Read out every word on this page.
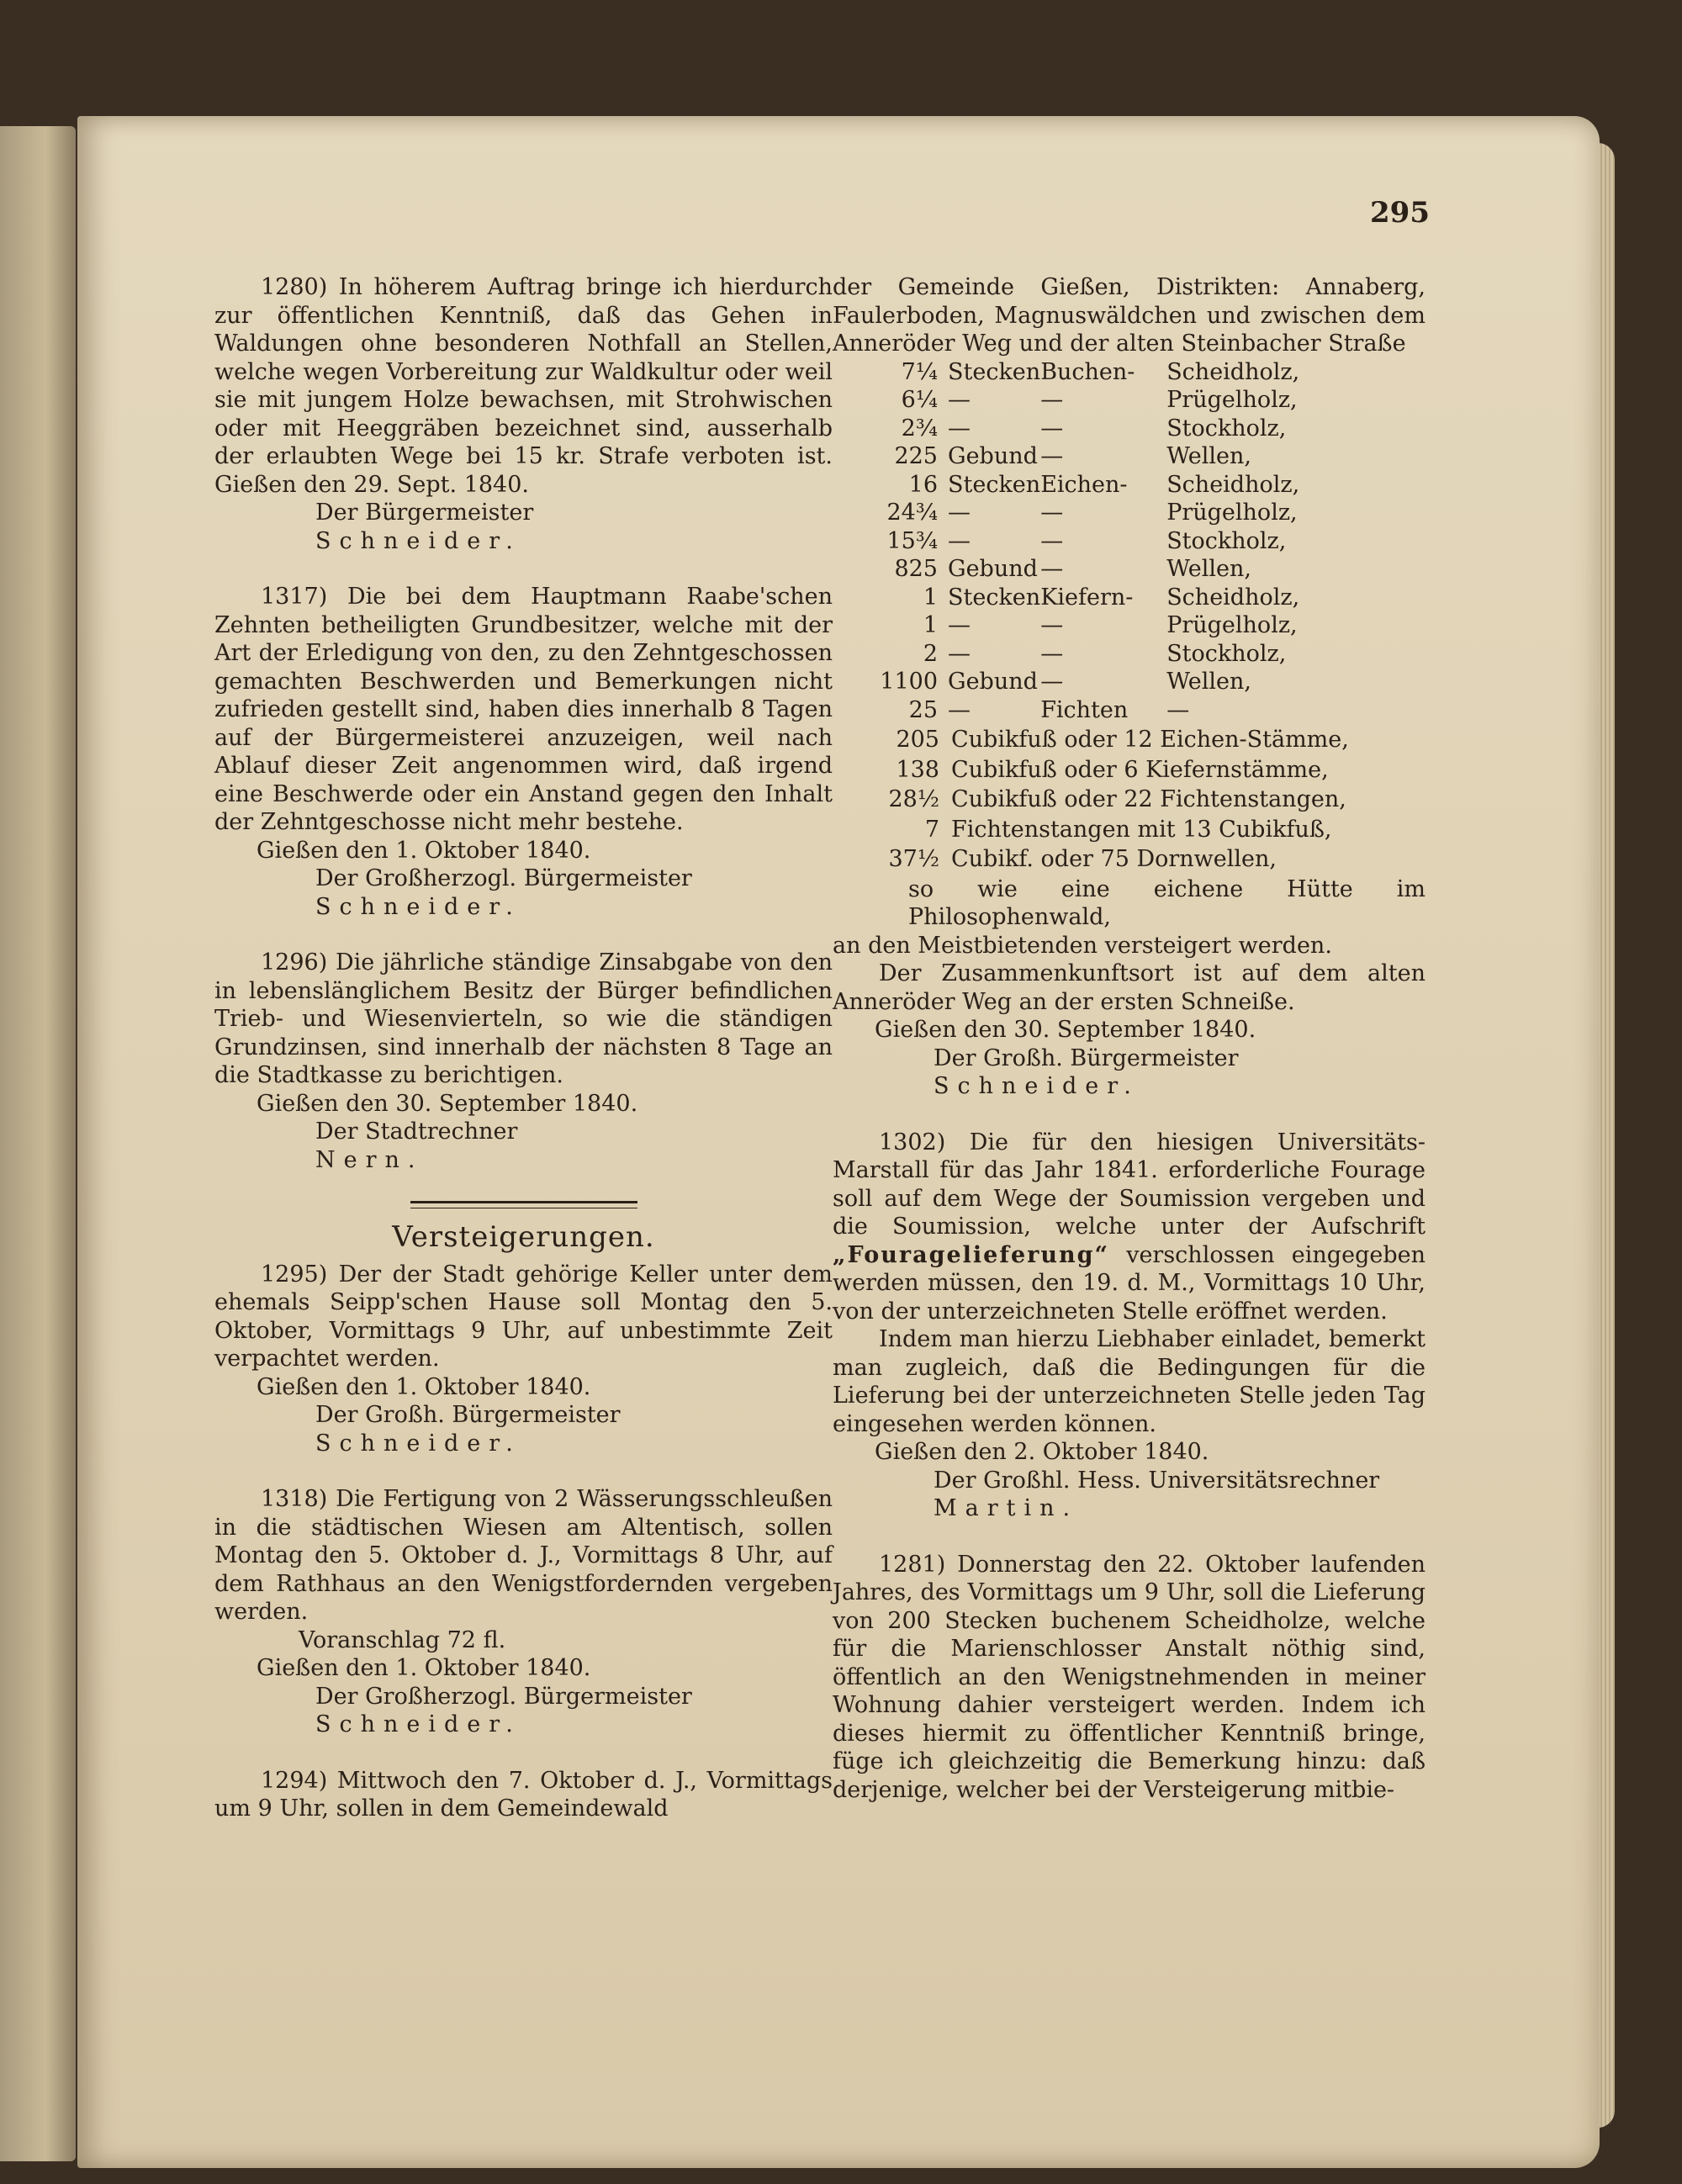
295

1280) In höherem Auftrag bringe ich hierdurch zur öffentlichen Kenntniß, daß das Gehen in Waldungen ohne besonderen Nothfall an Stellen, welche wegen Vorbereitung zur Waldkultur oder weil sie mit jungem Holze bewachsen, mit Strohwischen oder mit Heeggräben bezeichnet sind, ausserhalb der erlaubten Wege bei 15 kr. Strafe verboten ist. Gießen den 29. Sept. 1840.

Der Bürgermeister

Schneider.

1317) Die bei dem Hauptmann Raabe'schen Zehnten betheiligten Grundbesitzer, welche mit der Art der Erledigung von den, zu den Zehntgeschossen gemachten Beschwerden und Bemerkungen nicht zufrieden gestellt sind, haben dies innerhalb 8 Tagen auf der Bürgermeisterei anzuzeigen, weil nach Ablauf dieser Zeit angenommen wird, daß irgend eine Beschwerde oder ein Anstand gegen den Inhalt der Zehntgeschosse nicht mehr bestehe.

Gießen den 1. Oktober 1840.

Der Großherzogl. Bürgermeister

Schneider.

1296) Die jährliche ständige Zinsabgabe von den in lebenslänglichem Besitz der Bürger befindlichen Trieb- und Wiesenvierteln, so wie die ständigen Grundzinsen, sind innerhalb der nächsten 8 Tage an die Stadtkasse zu berichtigen.

Gießen den 30. September 1840.

Der Stadtrechner

Nern.

Versteigerungen.

1295) Der der Stadt gehörige Keller unter dem ehemals Seipp'schen Hause soll Montag den 5. Oktober, Vormittags 9 Uhr, auf unbestimmte Zeit verpachtet werden.

Gießen den 1. Oktober 1840.

Der Großh. Bürgermeister

Schneider.

1318) Die Fertigung von 2 Wässerungsschleußen in die städtischen Wiesen am Altentisch, sollen Montag den 5. Oktober d. J., Vormittags 8 Uhr, auf dem Rathhaus an den Wenigstfordernden vergeben werden.

Voranschlag 72 fl.

Gießen den 1. Oktober 1840.

Der Großherzogl. Bürgermeister

Schneider.

1294) Mittwoch den 7. Oktober d. J., Vormittags um 9 Uhr, sollen in dem Gemeindewald

der Gemeinde Gießen, Distrikten: Annaberg, Faulerboden, Magnuswäldchen und zwischen dem Anneröder Weg und der alten Steinbacher Straße

7¼	Stecken	Buchen-	Scheidholz,
6¼	—	—	Prügelholz,
2¾	—	—	Stockholz,
225	Gebund	—	Wellen,
16	Stecken	Eichen-	Scheidholz,
24¾	—	—	Prügelholz,
15¾	—	—	Stockholz,
825	Gebund	—	Wellen,
1	Stecken	Kiefern-	Scheidholz,
1	—	—	Prügelholz,
2	—	—	Stockholz,
1100	Gebund	—	Wellen,
25	—	Fichten	—
205	Cubikfuß oder 12 Eichen-Stämme,
138	Cubikfuß oder 6 Kiefernstämme,
28½	Cubikfuß oder 22 Fichtenstangen,
7	Fichtenstangen mit 13 Cubikfuß,
37½	Cubikf. oder 75 Dornwellen,

so wie eine eichene Hütte im Philosophenwald,

an den Meistbietenden versteigert werden.

Der Zusammenkunftsort ist auf dem alten Anneröder Weg an der ersten Schneiße.

Gießen den 30. September 1840.

Der Großh. Bürgermeister

Schneider.

1302) Die für den hiesigen Universitäts-Marstall für das Jahr 1841. erforderliche Fourage soll auf dem Wege der Soumission vergeben und die Soumission, welche unter der Aufschrift „Fouragelieferung“ verschlossen eingegeben werden müssen, den 19. d. M., Vormittags 10 Uhr, von der unterzeichneten Stelle eröffnet werden.

Indem man hierzu Liebhaber einladet, bemerkt man zugleich, daß die Bedingungen für die Lieferung bei der unterzeichneten Stelle jeden Tag eingesehen werden können.

Gießen den 2. Oktober 1840.

Der Großhl. Hess. Universitätsrechner

Martin.

1281) Donnerstag den 22. Oktober laufenden Jahres, des Vormittags um 9 Uhr, soll die Lieferung von 200 Stecken buchenem Scheidholze, welche für die Marienschlosser Anstalt nöthig sind, öffentlich an den Wenigstnehmenden in meiner Wohnung dahier versteigert werden. Indem ich dieses hiermit zu öffentlicher Kenntniß bringe, füge ich gleichzeitig die Bemerkung hinzu: daß derjenige, welcher bei der Versteigerung mitbie-
